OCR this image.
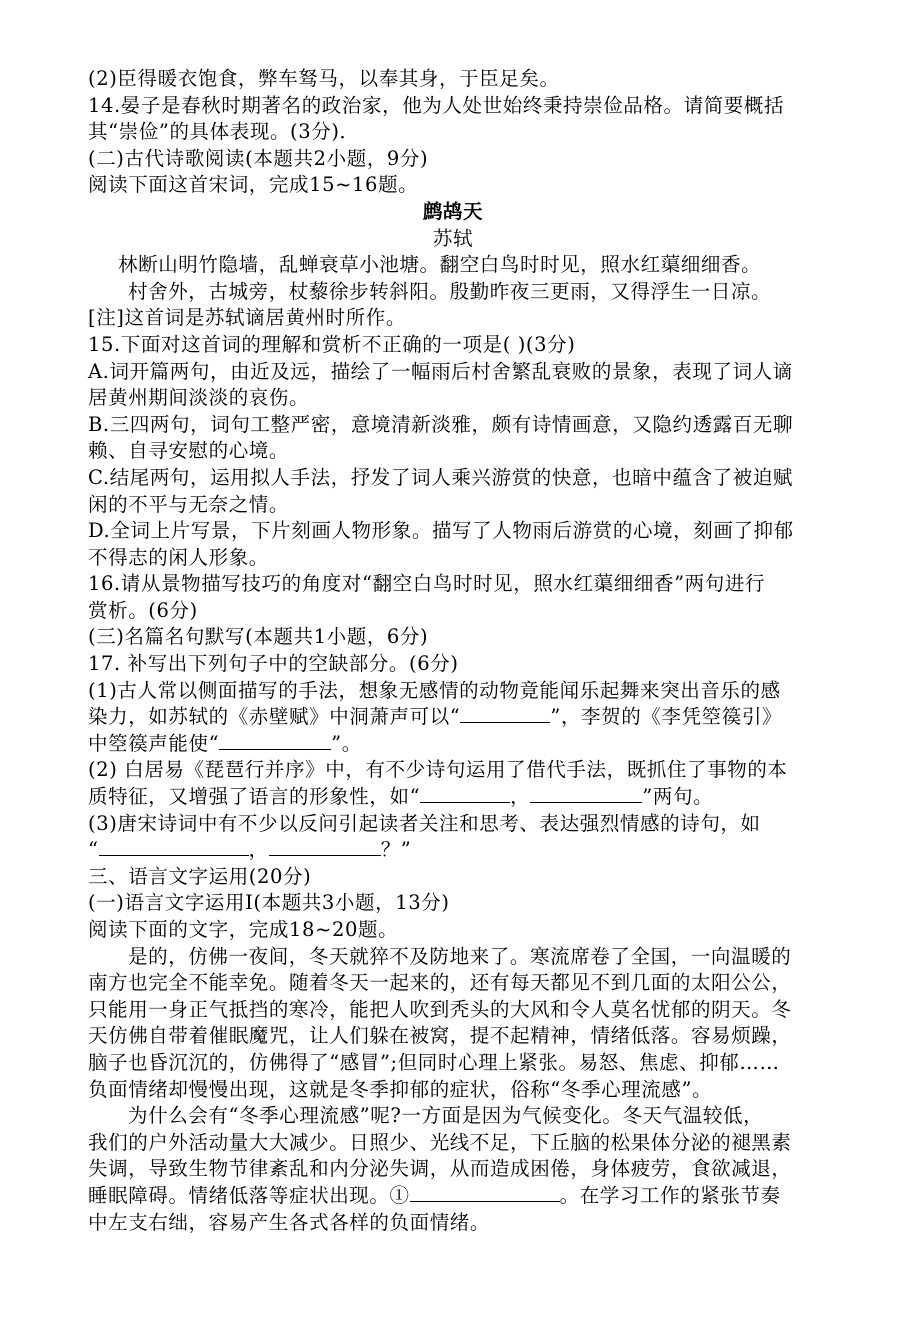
(2)臣得暖衣饱食，弊车驽马，以奉其身，于臣足矣。
14.晏子是春秋时期著名的政治家，他为人处世始终秉持崇俭品格。请简要概括
其“崇俭”的具体表现。(3分)．
(二)古代诗歌阅读(本题共2小题，9分)
阅读下面这首宋词，完成15~16题。
鹧鸪天
苏轼
林断山明竹隐墙，乱蝉衰草小池塘。翻空白鸟时时见，照水红蕖细细香。
村舍外，古城旁，杖藜徐步转斜阳。殷勤昨夜三更雨，又得浮生一日凉。
[注]这首词是苏轼谪居黄州时所作。
15.下面对这首词的理解和赏析不正确的一项是( )(3分)
A.词开篇两句，由近及远，描绘了一幅雨后村舍繁乱衰败的景象，表现了词人谪
居黄州期间淡淡的哀伤。
B.三四两句，词句工整严密，意境清新淡雅，颇有诗情画意，又隐约透露百无聊
赖、自寻安慰的心境。
C.结尾两句，运用拟人手法，抒发了词人乘兴游赏的快意，也暗中蕴含了被迫赋
闲的不平与无奈之情。
D.全词上片写景，下片刻画人物形象。描写了人物雨后游赏的心境，刻画了抑郁
不得志的闲人形象。
16.请从景物描写技巧的角度对“翻空白鸟时时见，照水红蕖细细香”两句进行
赏析。(6分)
(三)名篇名句默写(本题共1小题，6分)
17. 补写出下列句子中的空缺部分。(6分)
(1)古人常以侧面描写的手法，想象无感情的动物竟能闻乐起舞来突出音乐的感
染力，如苏轼的《赤壁赋》中洞萧声可以“	”，李贺的《李凭箜篌引》
中箜篌声能使“	”。
(2) 白居易《琵琶行并序》中，有不少诗句运用了借代手法，既抓住了事物的本
质特征，又增强了语言的形象性，如“	，	”两句。
(3)唐宋诗词中有不少以反问引起读者关注和思考、表达强烈情感的诗句，如
“	，	？”
三、语言文字运用(20分)
(一)语言文字运用Ⅰ(本题共3小题，13分)
阅读下面的文字，完成18~20题。
是的，仿佛一夜间，冬天就猝不及防地来了。寒流席卷了全国，一向温暖的
南方也完全不能幸免。随着冬天一起来的，还有每天都见不到几面的太阳公公，
只能用一身正气抵挡的寒冷，能把人吹到秃头的大风和令人莫名忧郁的阴天。冬
天仿佛自带着催眠魔咒，让人们躲在被窝，提不起精神，情绪低落。容易烦躁，
脑子也昏沉沉的，仿佛得了“感冒”;但同时心理上紧张。易怒、焦虑、抑郁……
负面情绪却慢慢出现，这就是冬季抑郁的症状，俗称“冬季心理流感”。
为什么会有“冬季心理流感”呢?一方面是因为气候变化。冬天气温较低，
我们的户外活动量大大减少。日照少、光线不足，下丘脑的松果体分泌的褪黑素
失调，导致生物节律紊乱和内分泌失调，从而造成困倦，身体疲劳，食欲减退，
睡眠障碍。情绪低落等症状出现。①	。在学习工作的紧张节奏
中左支右绌，容易产生各式各样的负面情绪。
